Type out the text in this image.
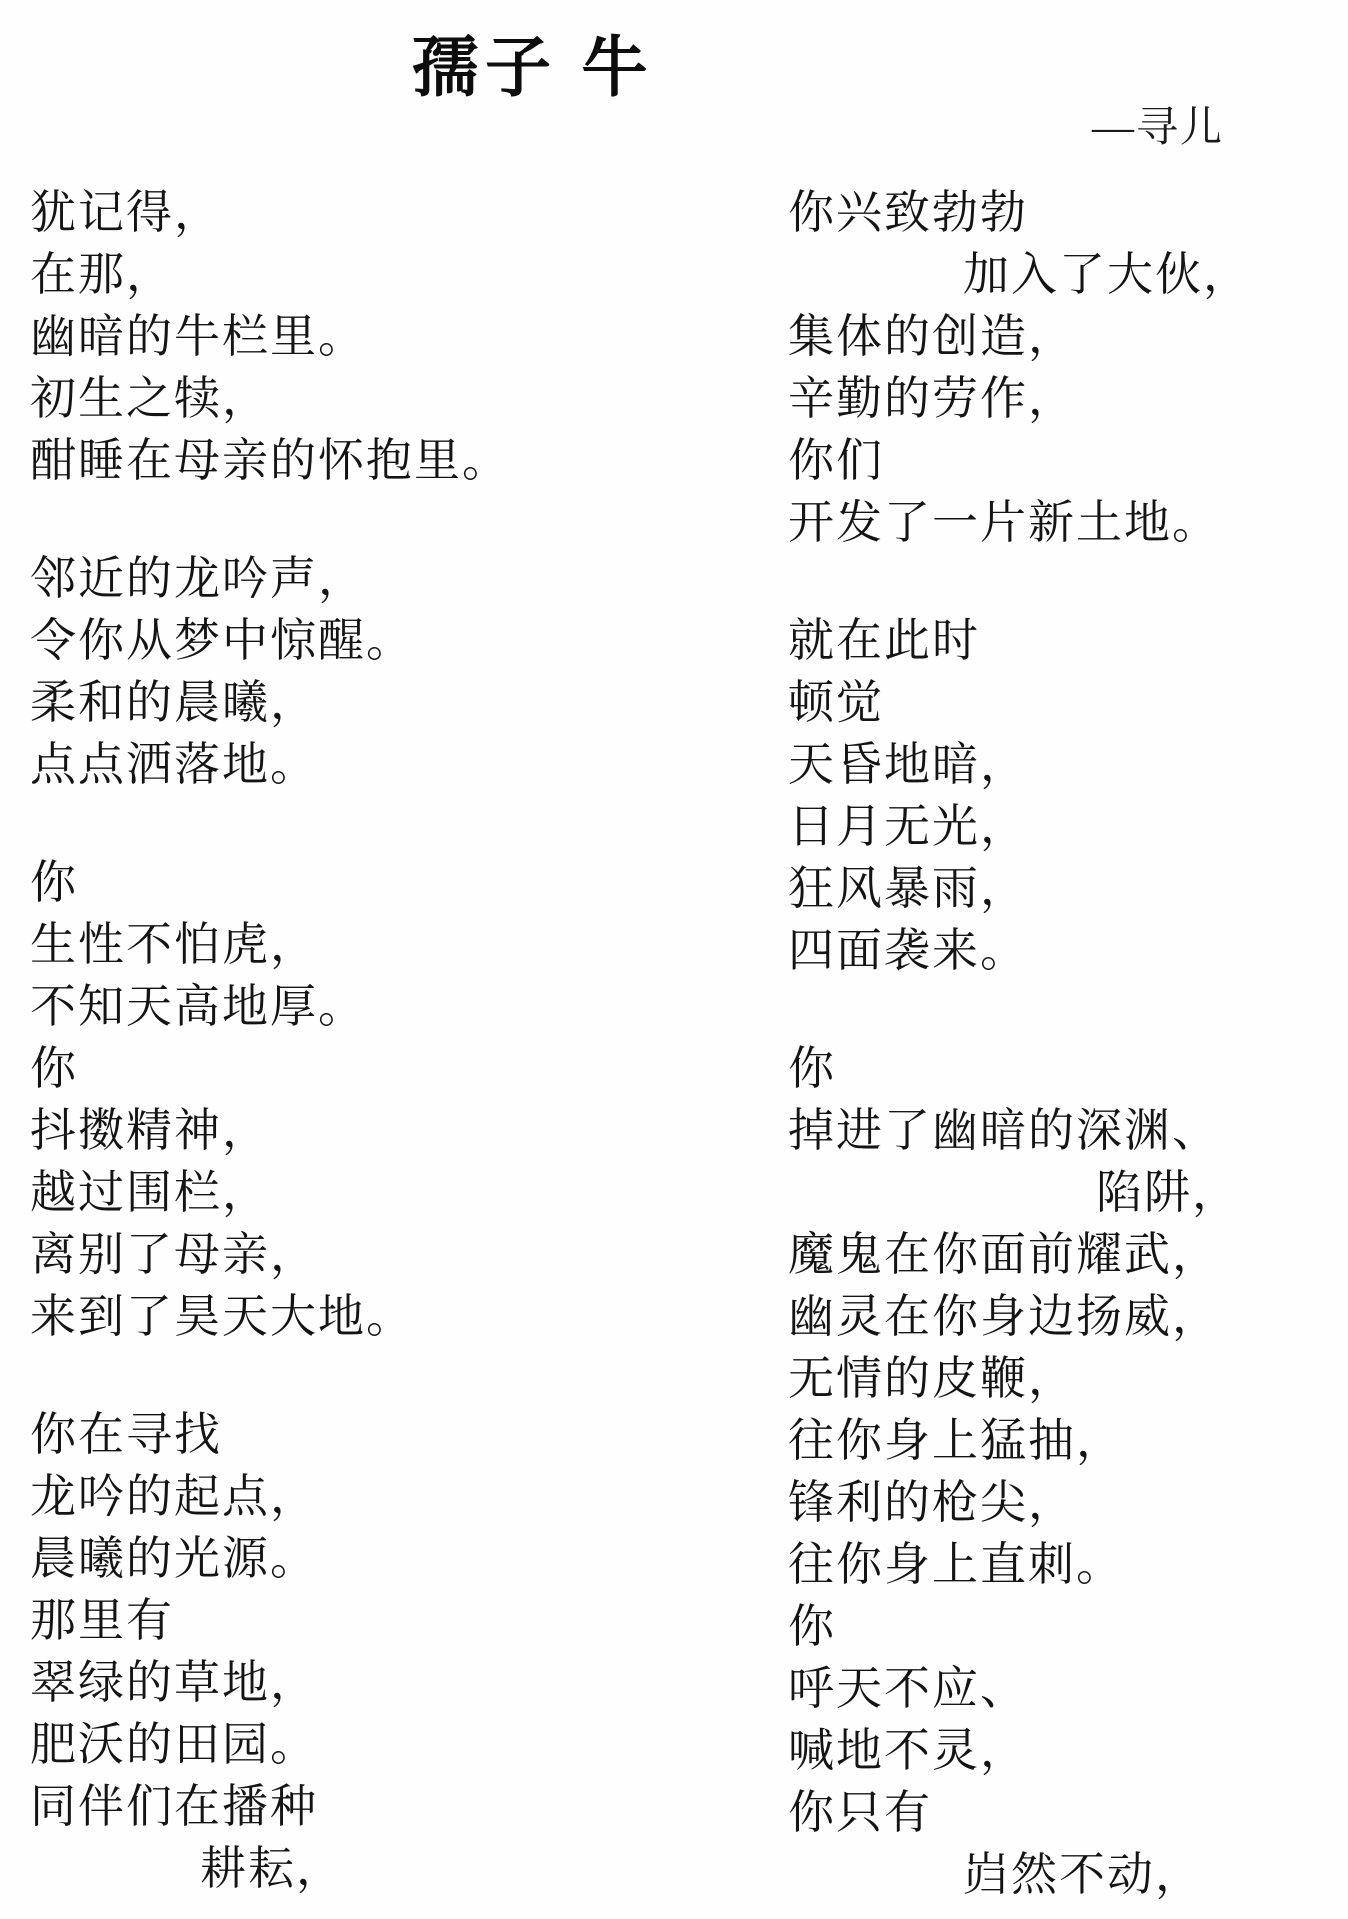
孺子 牛
—寻儿
犹记得，
在那，
幽暗的牛栏里。
初生之犊，
酣睡在母亲的怀抱里。
邻近的龙吟声，
令你从梦中惊醒。
柔和的晨曦，
点点洒落地。
你
生性不怕虎，
不知天高地厚。
你
抖擞精神，
越过围栏，
离别了母亲，
来到了昊天大地。
你在寻找
龙吟的起点，
晨曦的光源。
那里有
翠绿的草地，
肥沃的田园。
同伴们在播种
耕耘，
你兴致勃勃
加入了大伙，
集体的创造，
辛勤的劳作，
你们
开发了一片新土地。
就在此时
顿觉
天昏地暗，
日月无光，
狂风暴雨，
四面袭来。
你
掉进了幽暗的深渊、
陷阱，
魔鬼在你面前耀武，
幽灵在你身边扬威，
无情的皮鞭，
往你身上猛抽，
锋利的枪尖，
往你身上直刺。
你
呼天不应、
喊地不灵，
你只有
岿然不动，
